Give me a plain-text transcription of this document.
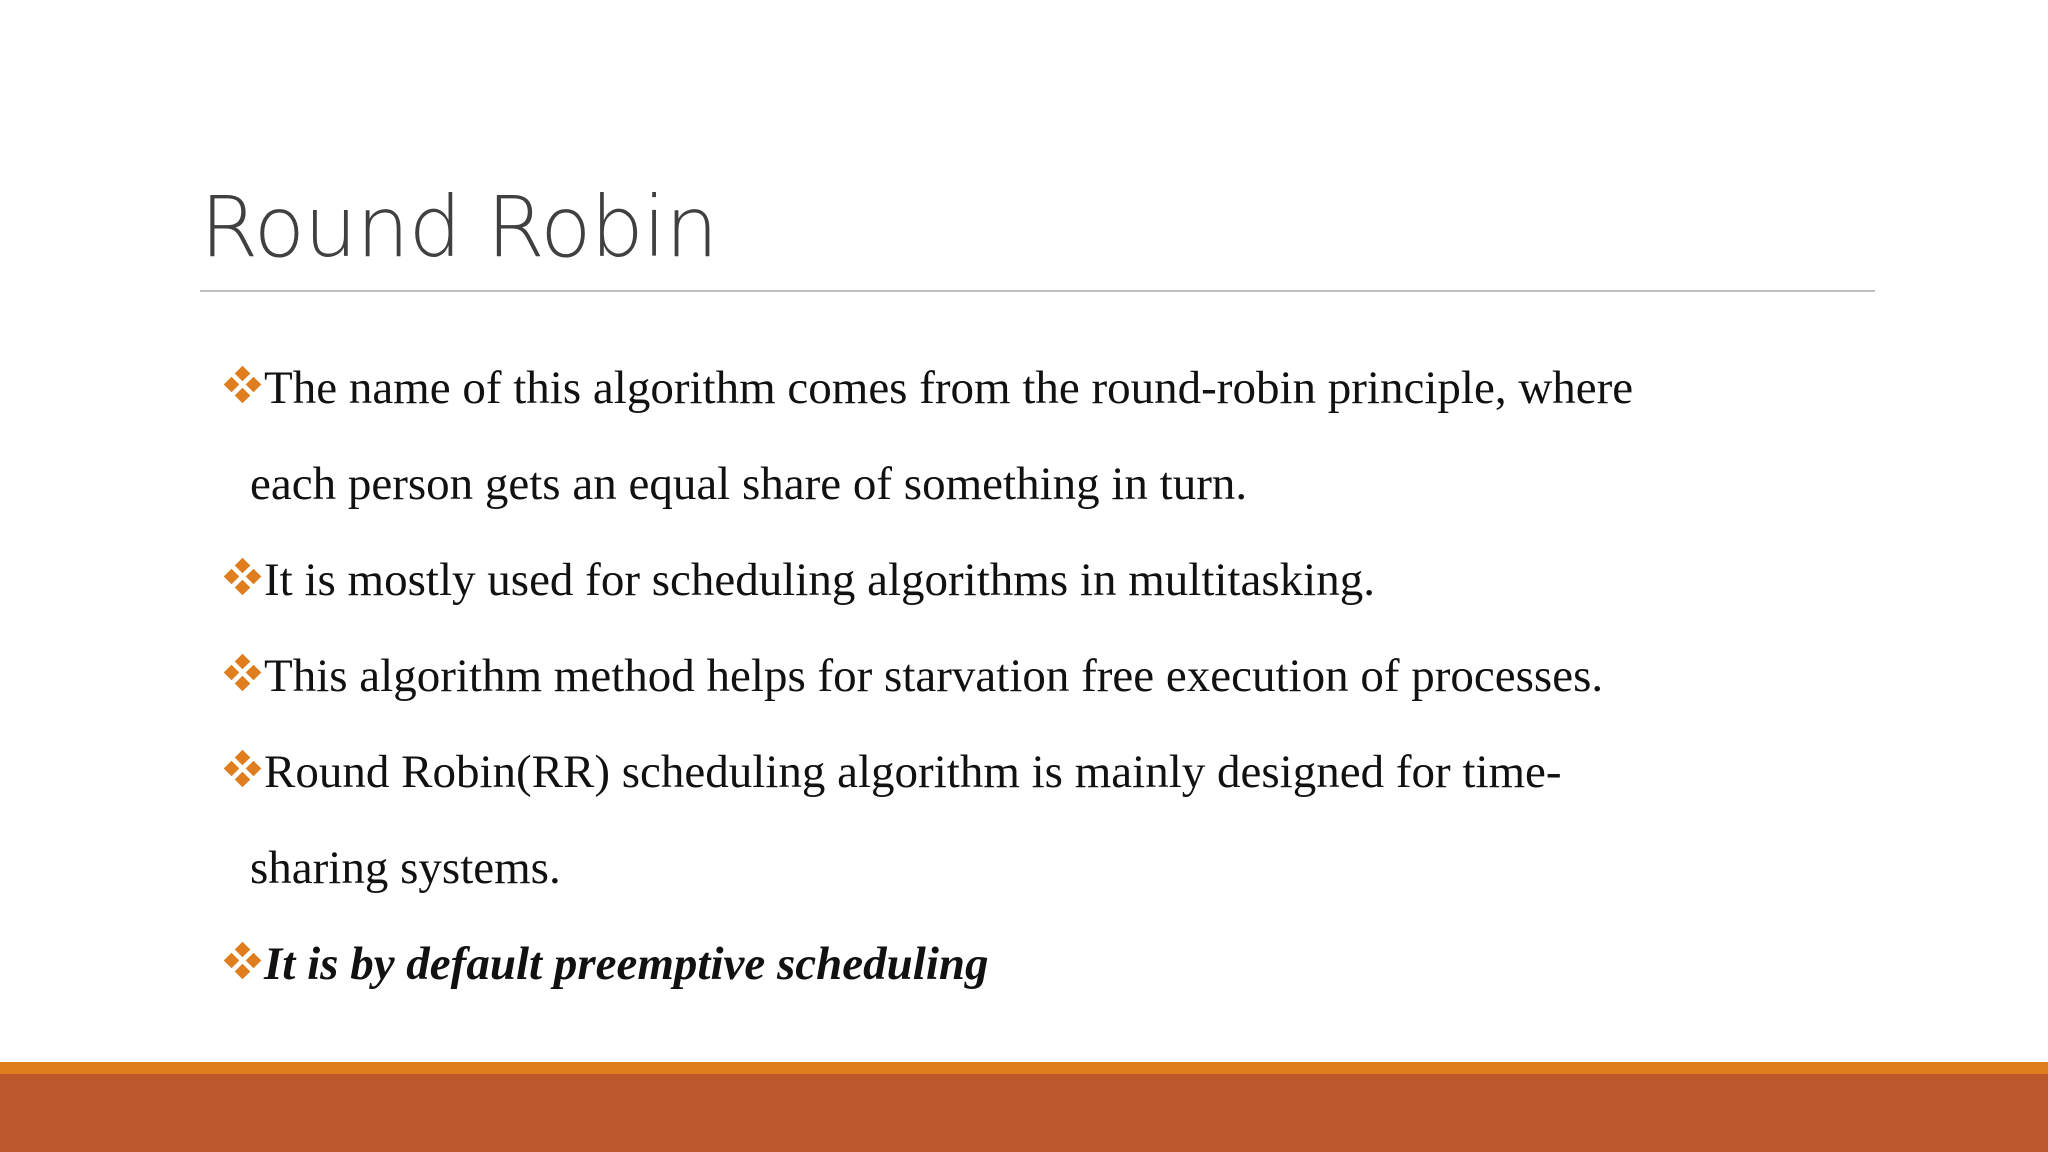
Round Robin

The name of this algorithm comes from the round-robin principle, where

each person gets an equal share of something in turn.

It is mostly used for scheduling algorithms in multitasking.

This algorithm method helps for starvation free execution of processes.

Round Robin(RR) scheduling algorithm is mainly designed for time-

sharing systems.

It is by default preemptive scheduling
